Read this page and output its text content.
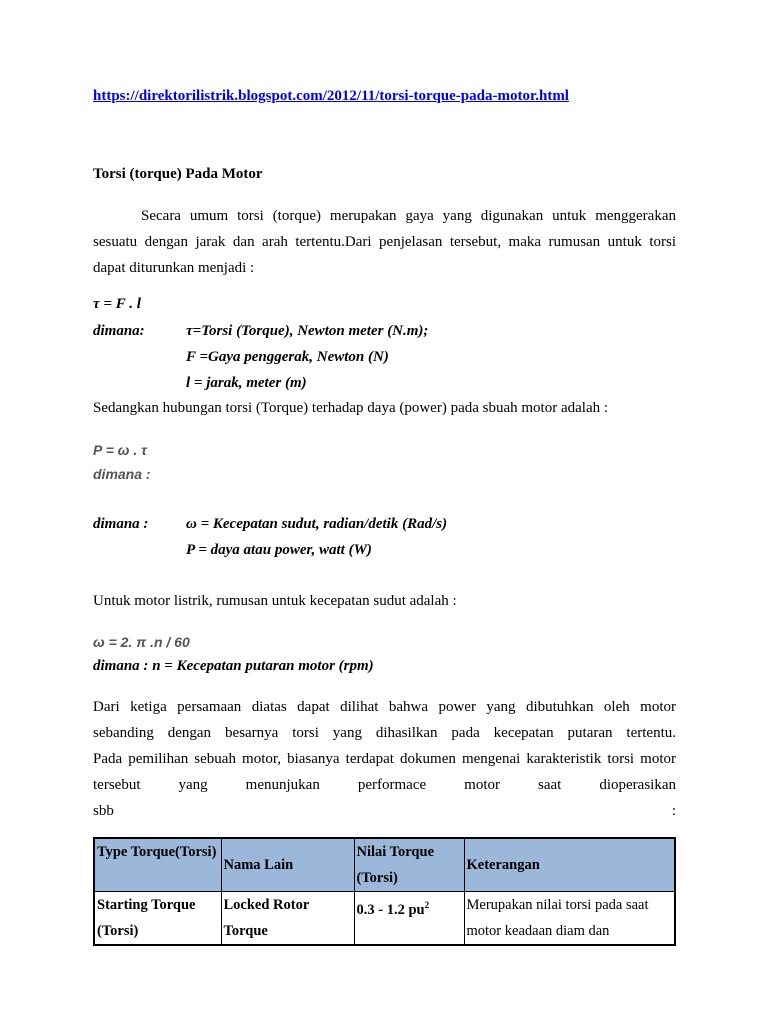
https://direktorilistrik.blogspot.com/2012/11/torsi-torque-pada-motor.html
Torsi (torque) Pada Motor
Secara umum torsi (torque) merupakan gaya yang digunakan untuk menggerakan
sesuatu dengan jarak dan arah tertentu.Dari penjelasan tersebut, maka rumusan untuk torsi
dapat diturunkan menjadi :
τ = F . l
dimana:	τ=Torsi (Torque), Newton meter (N.m);
F =Gaya penggerak, Newton (N)
l = jarak, meter (m)
Sedangkan hubungan torsi (Torque) terhadap daya (power) pada sbuah motor adalah :
P = ω . τ
dimana :
dimana :	ω = Kecepatan sudut, radian/detik (Rad/s)
P = daya atau power, watt (W)
Untuk motor listrik, rumusan untuk kecepatan sudut adalah :
ω = 2. π .n / 60
dimana : n = Kecepatan putaran motor (rpm)
Dari ketiga persamaan diatas dapat dilihat bahwa power yang dibutuhkan oleh motor
sebanding dengan besarnya torsi yang dihasilkan pada kecepatan putaran tertentu.
Pada pemilihan sebuah motor, biasanya terdapat dokumen mengenai karakteristik torsi motor
tersebut yang menunjukan performace motor saat dioperasikan sbb :
Type Torque(Torsi)	Nama Lain	Nilai Torque (Torsi)	Keterangan
Starting Torque (Torsi)	Locked Rotor Torque	0.3 - 1.2 $pu^2$	Merupakan nilai torsi pada saat motor keadaan diam dan
